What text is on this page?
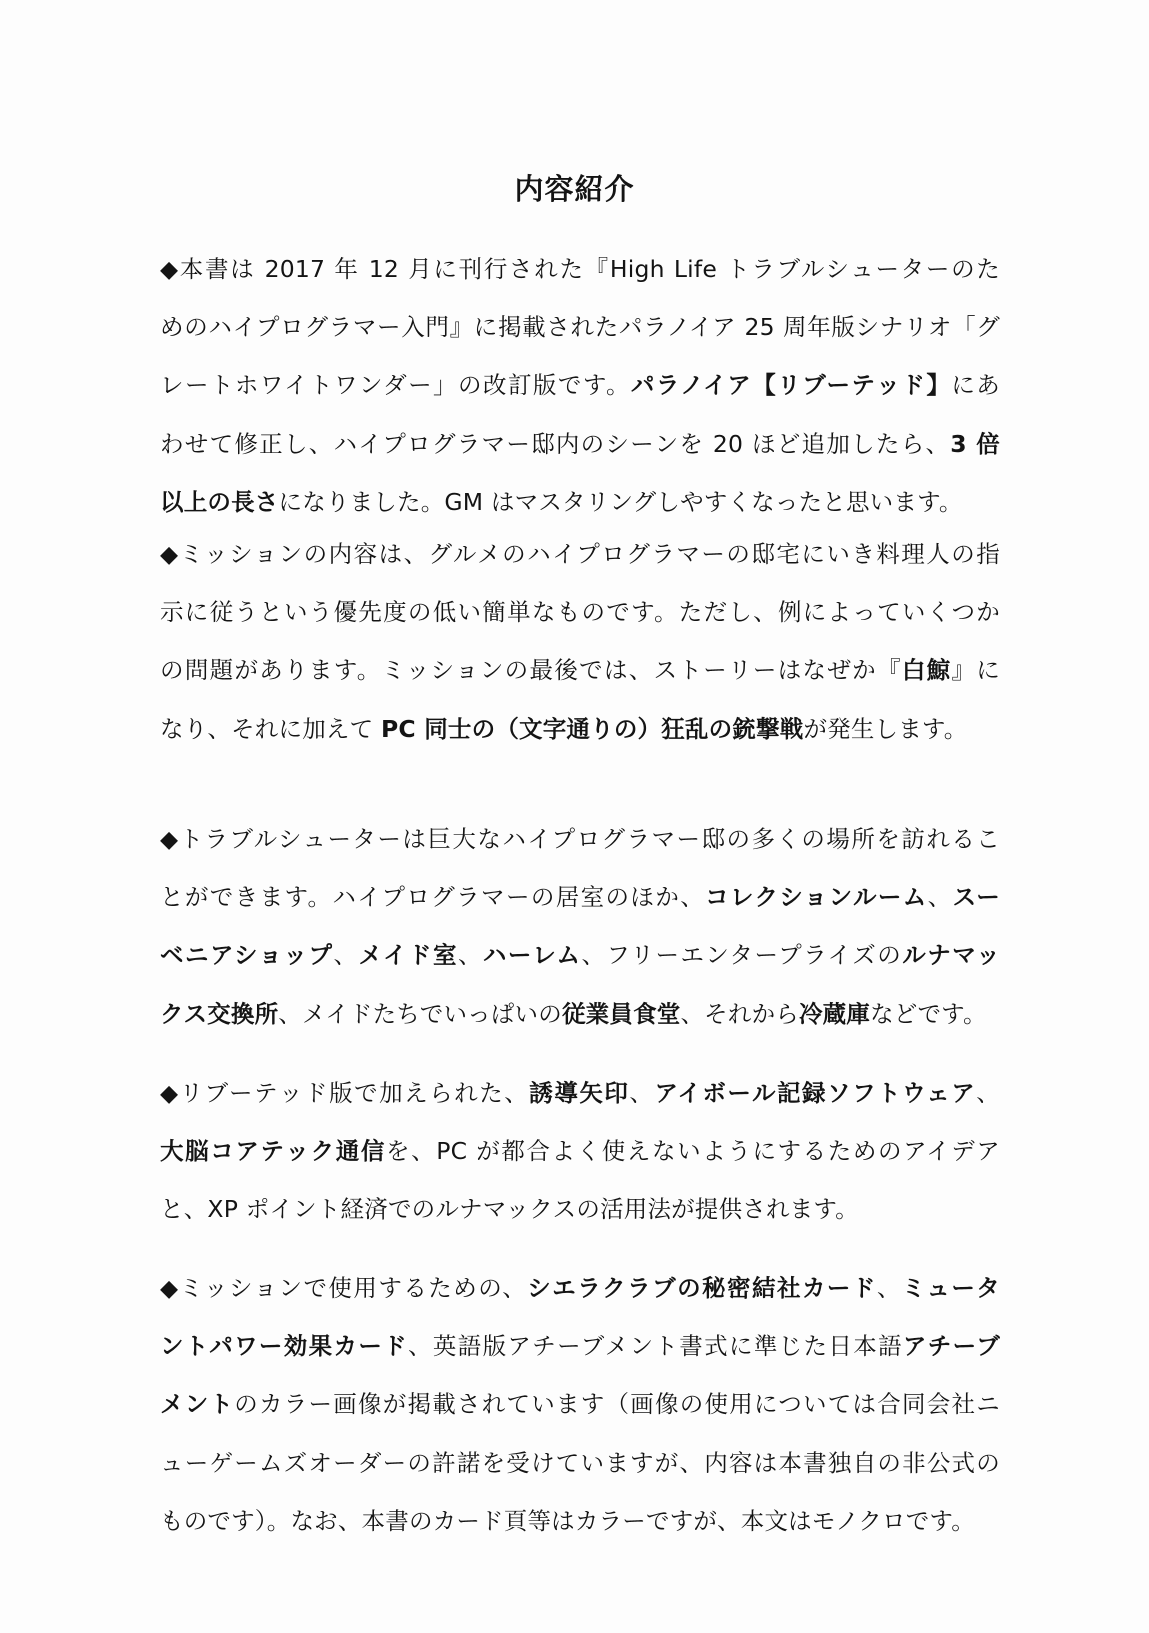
内容紹介
◆本書は 2017 年 12 月に刊行された『High Life トラブルシューターのた
めのハイプログラマー入門』に掲載されたパラノイア 25 周年版シナリオ「グ
レートホワイトワンダー」の改訂版です。パラノイア【リブーテッド】にあ
わせて修正し、ハイプログラマー邸内のシーンを 20 ほど追加したら、3 倍
以上の長さになりました。GM はマスタリングしやすくなったと思います。
◆ミッションの内容は、グルメのハイプログラマーの邸宅にいき料理人の指
示に従うという優先度の低い簡単なものです。ただし、例によっていくつか
の問題があります。ミッションの最後では、ストーリーはなぜか『白鯨』に
なり、それに加えて PC 同士の（文字通りの）狂乱の銃撃戦が発生します。
◆トラブルシューターは巨大なハイプログラマー邸の多くの場所を訪れるこ
とができます。ハイプログラマーの居室のほか、コレクションルーム、スー
ベニアショップ、メイド室、ハーレム、フリーエンタープライズのルナマッ
クス交換所、メイドたちでいっぱいの従業員食堂、それから冷蔵庫などです。
◆リブーテッド版で加えられた、誘導矢印、アイボール記録ソフトウェア、
大脳コアテック通信を、PC が都合よく使えないようにするためのアイデア
と、XP ポイント経済でのルナマックスの活用法が提供されます。
◆ミッションで使用するための、シエラクラブの秘密結社カード、ミュータ
ントパワー効果カード、英語版アチーブメント書式に準じた日本語アチーブ
メントのカラー画像が掲載されています（画像の使用については合同会社ニ
ューゲームズオーダーの許諾を受けていますが、内容は本書独自の非公式の
ものです）。なお、本書のカード頁等はカラーですが、本文はモノクロです。
